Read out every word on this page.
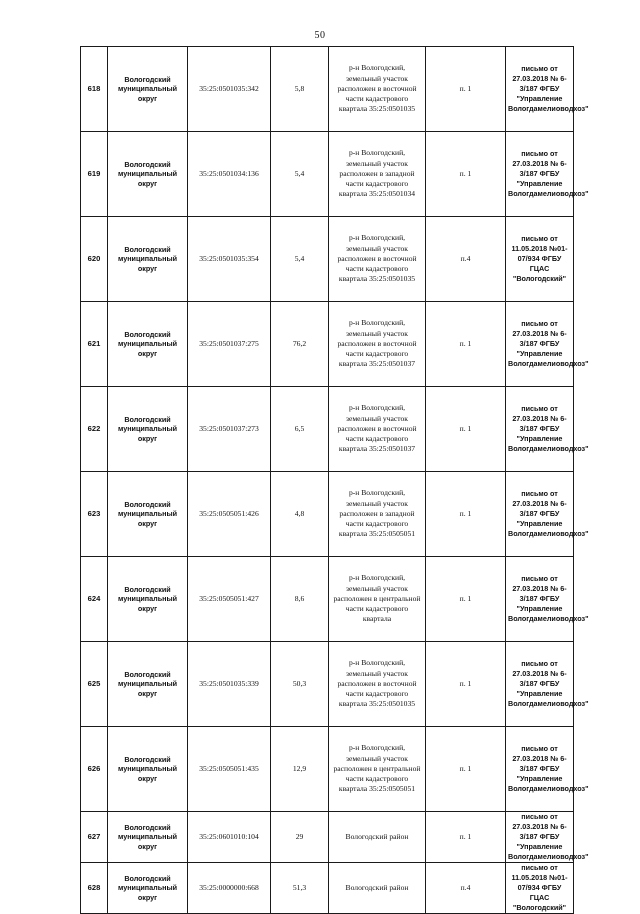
50
618	Вологодский муниципальный округ	35:25:0501035:342	5,8	р-н Вологодский, земельный участок расположен в восточной части кадастрового квартала 35:25:0501035	п. 1	письмо от 27.03.2018 № 6-3/187 ФГБУ "Управление Вологдамелиоводхоз"
619	Вологодский муниципальный округ	35:25:0501034:136	5,4	р-н Вологодский, земельный участок расположен в западной части кадастрового квартала 35:25:0501034	п. 1	письмо от 27.03.2018 № 6-3/187 ФГБУ "Управление Вологдамелиоводхоз"
620	Вологодский муниципальный округ	35:25:0501035:354	5,4	р-н Вологодский, земельный участок расположен в восточной части кадастрового квартала 35:25:0501035	п.4	письмо от 11.05.2018 №01-07/934 ФГБУ ГЦАС "Вологодский"
621	Вологодский муниципальный округ	35:25:0501037:275	76,2	р-н Вологодский, земельный участок расположен в восточной части кадастрового квартала 35:25:0501037	п. 1	письмо от 27.03.2018 № 6-3/187 ФГБУ "Управление Вологдамелиоводхоз"
622	Вологодский муниципальный округ	35:25:0501037:273	6,5	р-н Вологодский, земельный участок расположен в восточной части кадастрового квартала 35:25:0501037	п. 1	письмо от 27.03.2018 № 6-3/187 ФГБУ "Управление Вологдамелиоводхоз"
623	Вологодский муниципальный округ	35:25:0505051:426	4,8	р-н Вологодский, земельный участок расположен в западной части кадастрового квартала 35:25:0505051	п. 1	письмо от 27.03.2018 № 6-3/187 ФГБУ "Управление Вологдамелиоводхоз"
624	Вологодский муниципальный округ	35:25:0505051:427	8,6	р-н Вологодский, земельный участок расположен в центральной части кадастрового квартала	п. 1	письмо от 27.03.2018 № 6-3/187 ФГБУ "Управление Вологдамелиоводхоз"
625	Вологодский муниципальный округ	35:25:0501035:339	50,3	р-н Вологодский, земельный участок расположен в восточной части кадастрового квартала 35:25:0501035	п. 1	письмо от 27.03.2018 № 6-3/187 ФГБУ "Управление Вологдамелиоводхоз"
626	Вологодский муниципальный округ	35:25:0505051:435	12,9	р-н Вологодский, земельный участок расположен в центральной части кадастрового квартала 35:25:0505051	п. 1	письмо от 27.03.2018 № 6-3/187 ФГБУ "Управление Вологдамелиоводхоз"
627	Вологодский муниципальный округ	35:25:0601010:104	29	Вологодский район	п. 1	письмо от 27.03.2018 № 6-3/187 ФГБУ "Управление Вологдамелиоводхоз"
628	Вологодский муниципальный округ	35:25:0000000:668	51,3	Вологодский район	п.4	письмо от 11.05.2018 №01-07/934 ФГБУ ГЦАС "Вологодский"
